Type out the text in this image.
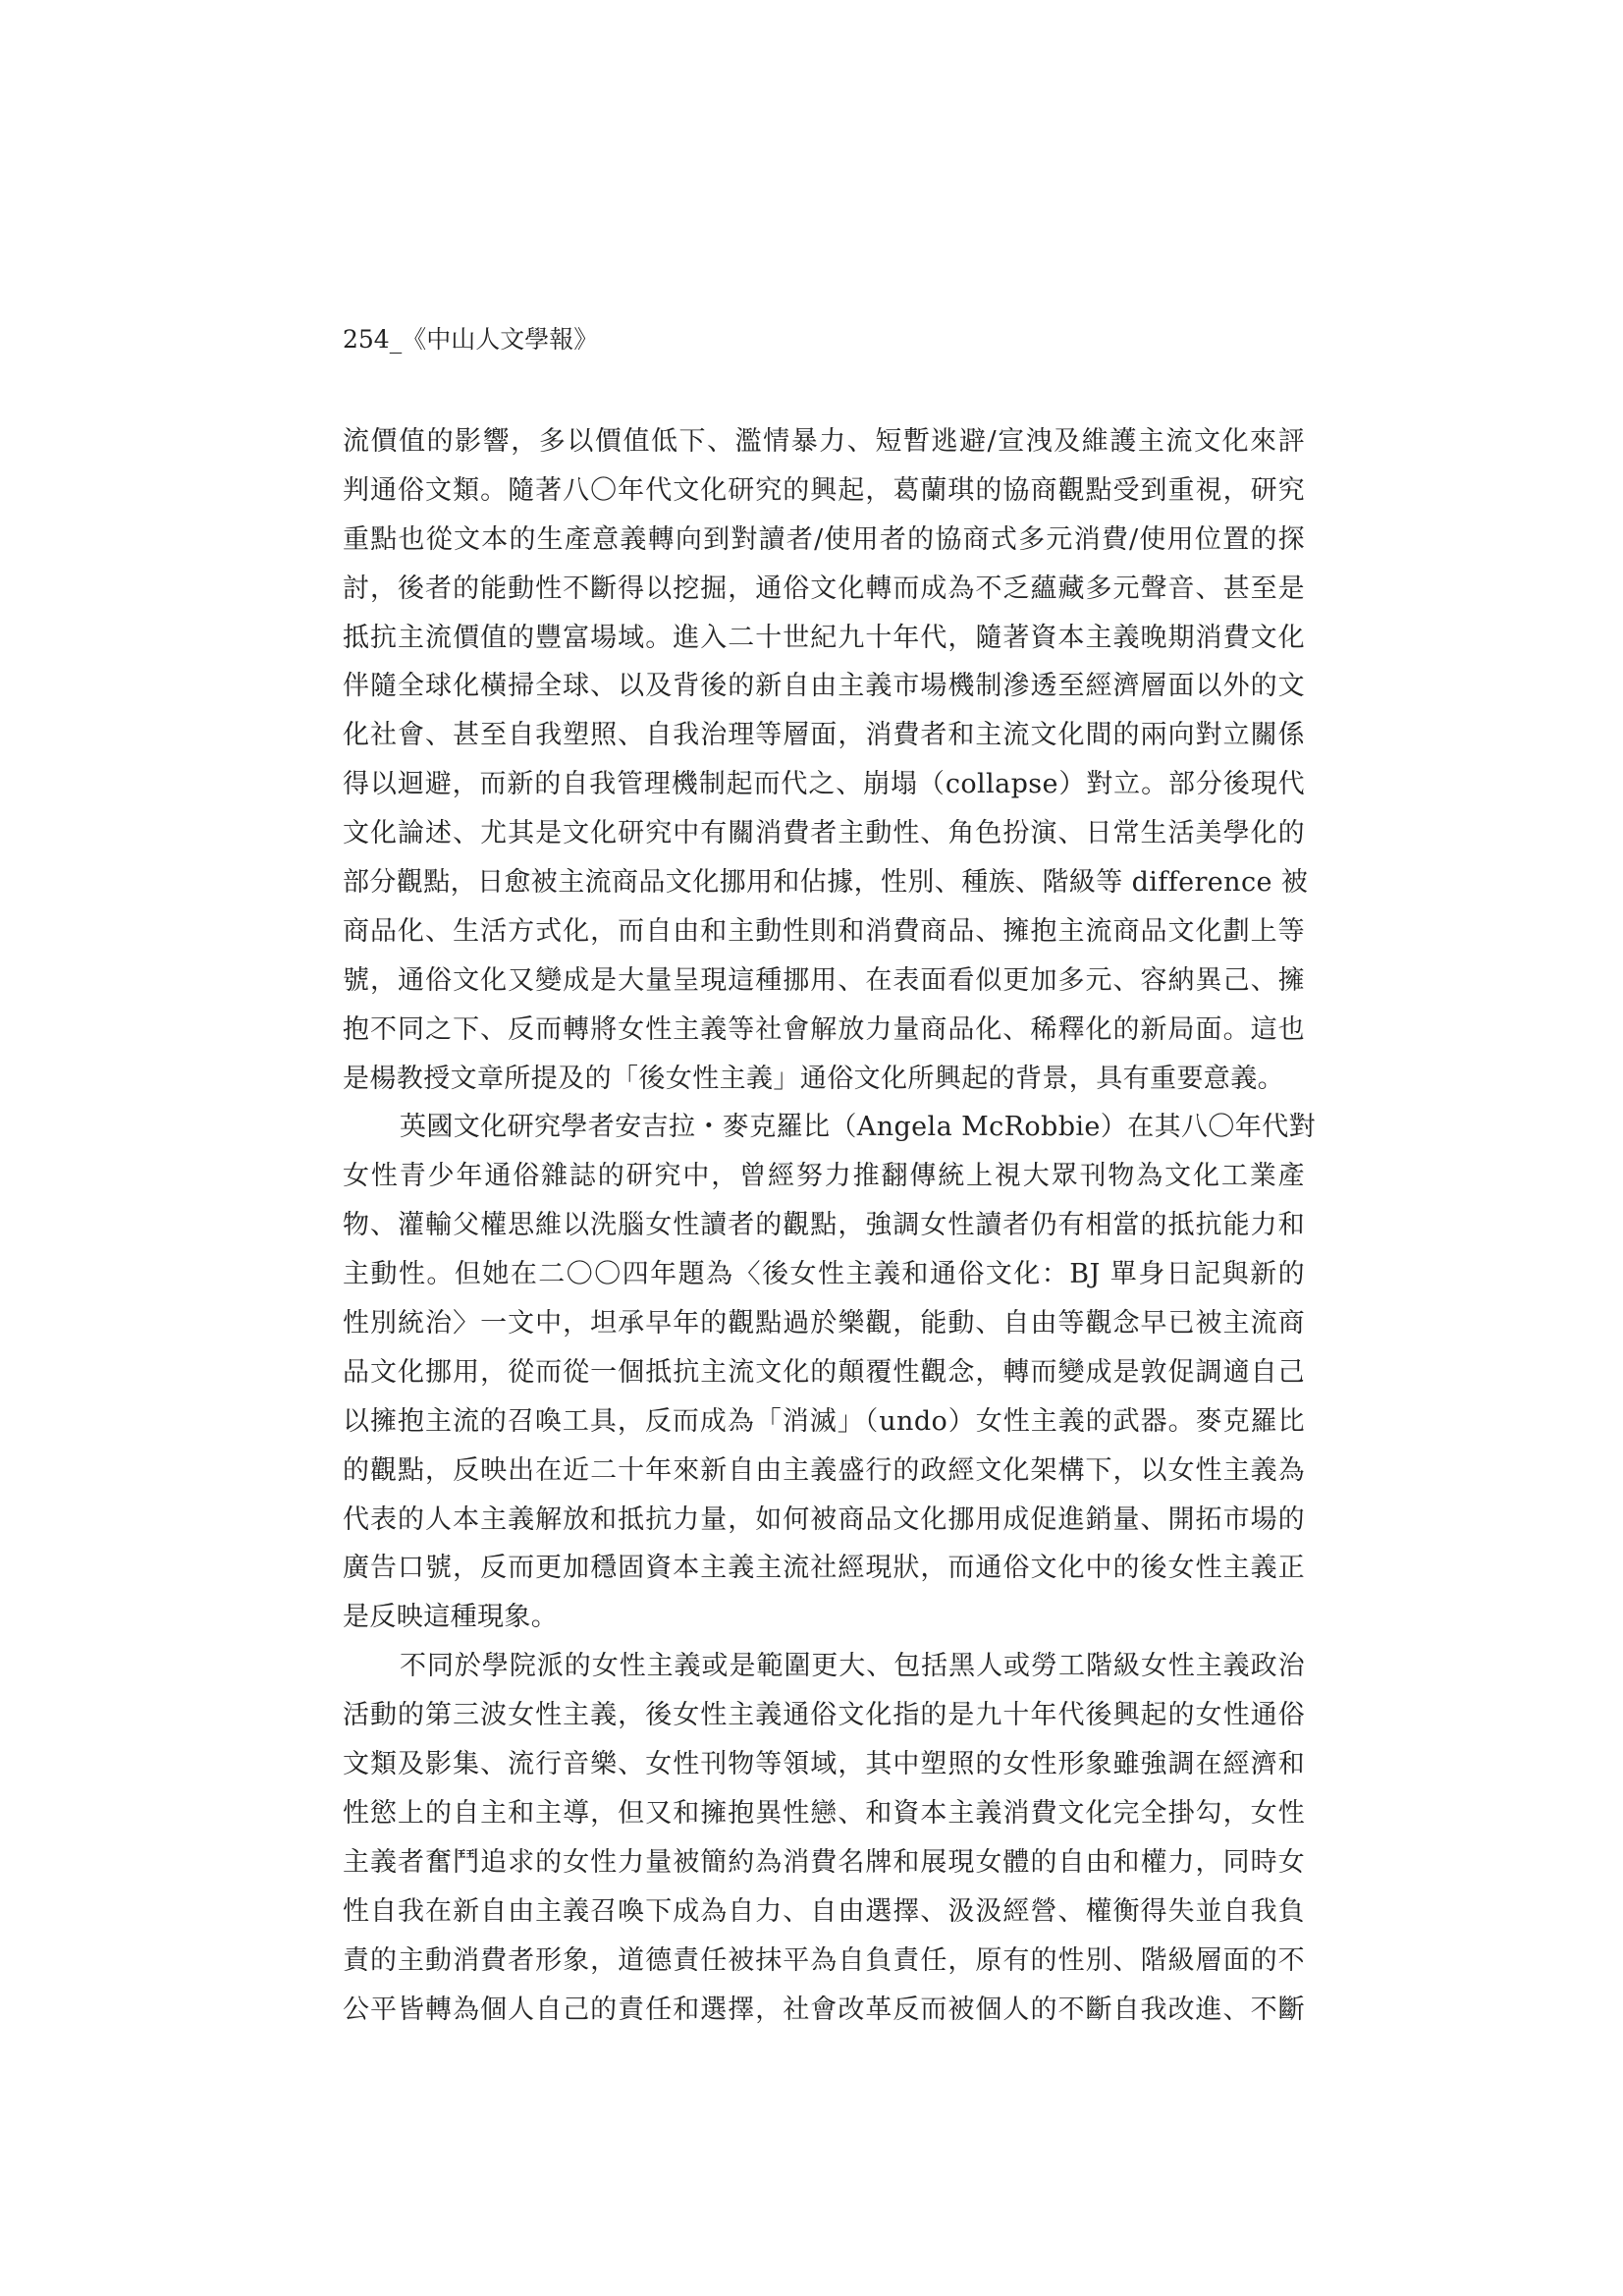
254_《中山人文學報》
流價值的影響，多以價值低下、濫情暴力、短暫逃避/宣洩及維護主流文化來評
判通俗文類。隨著八〇年代文化研究的興起，葛蘭琪的協商觀點受到重視，研究
重點也從文本的生產意義轉向到對讀者/使用者的協商式多元消費/使用位置的探
討，後者的能動性不斷得以挖掘，通俗文化轉而成為不乏蘊藏多元聲音、甚至是
抵抗主流價值的豐富場域。進入二十世紀九十年代，隨著資本主義晚期消費文化
伴隨全球化橫掃全球、以及背後的新自由主義市場機制滲透至經濟層面以外的文
化社會、甚至自我塑照、自我治理等層面，消費者和主流文化間的兩向對立關係
得以迴避，而新的自我管理機制起而代之、崩塌（collapse）對立。部分後現代
文化論述、尤其是文化研究中有關消費者主動性、角色扮演、日常生活美學化的
部分觀點，日愈被主流商品文化挪用和佔據，性別、種族、階級等 difference 被
商品化、生活方式化，而自由和主動性則和消費商品、擁抱主流商品文化劃上等
號，通俗文化又變成是大量呈現這種挪用、在表面看似更加多元、容納異己、擁
抱不同之下、反而轉將女性主義等社會解放力量商品化、稀釋化的新局面。這也
是楊教授文章所提及的「後女性主義」通俗文化所興起的背景，具有重要意義。
英國文化研究學者安吉拉・麥克羅比（Angela McRobbie）在其八〇年代對
女性青少年通俗雜誌的研究中，曾經努力推翻傳統上視大眾刊物為文化工業產
物、灌輸父權思維以洗腦女性讀者的觀點，強調女性讀者仍有相當的抵抗能力和
主動性。但她在二〇〇四年題為〈後女性主義和通俗文化：BJ 單身日記與新的
性別統治〉一文中，坦承早年的觀點過於樂觀，能動、自由等觀念早已被主流商
品文化挪用，從而從一個抵抗主流文化的顛覆性觀念，轉而變成是敦促調適自己
以擁抱主流的召喚工具，反而成為「消滅」（undo）女性主義的武器。麥克羅比
的觀點，反映出在近二十年來新自由主義盛行的政經文化架構下，以女性主義為
代表的人本主義解放和抵抗力量，如何被商品文化挪用成促進銷量、開拓市場的
廣告口號，反而更加穩固資本主義主流社經現狀，而通俗文化中的後女性主義正
是反映這種現象。
不同於學院派的女性主義或是範圍更大、包括黑人或勞工階級女性主義政治
活動的第三波女性主義，後女性主義通俗文化指的是九十年代後興起的女性通俗
文類及影集、流行音樂、女性刊物等領域，其中塑照的女性形象雖強調在經濟和
性慾上的自主和主導，但又和擁抱異性戀、和資本主義消費文化完全掛勾，女性
主義者奮鬥追求的女性力量被簡約為消費名牌和展現女體的自由和權力，同時女
性自我在新自由主義召喚下成為自力、自由選擇、汲汲經營、權衡得失並自我負
責的主動消費者形象，道德責任被抹平為自負責任，原有的性別、階級層面的不
公平皆轉為個人自己的責任和選擇，社會改革反而被個人的不斷自我改進、不斷
